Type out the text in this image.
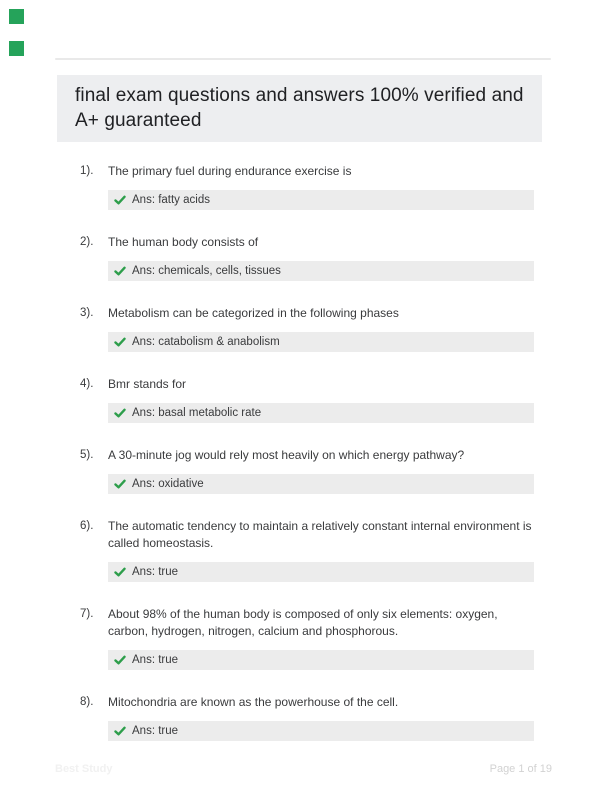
final exam questions and answers 100% verified and A+ guaranteed
1).	The primary fuel during endurance exercise is

Ans: fatty acids
2).	The human body consists of

Ans: chemicals, cells, tissues
3).	Metabolism can be categorized in the following phases

Ans: catabolism & anabolism
4).	Bmr stands for

Ans: basal metabolic rate
5).	A 30-minute jog would rely most heavily on which energy pathway?

Ans: oxidative
6).	The automatic tendency to maintain a relatively constant internal environment is called homeostasis.

Ans: true
7).	About 98% of the human body is composed of only six elements: oxygen, carbon, hydrogen, nitrogen, calcium and phosphorous.

Ans: true
8).	Mitochondria are known as the powerhouse of the cell.

Ans: true
Best Study	Page 1 of 19
